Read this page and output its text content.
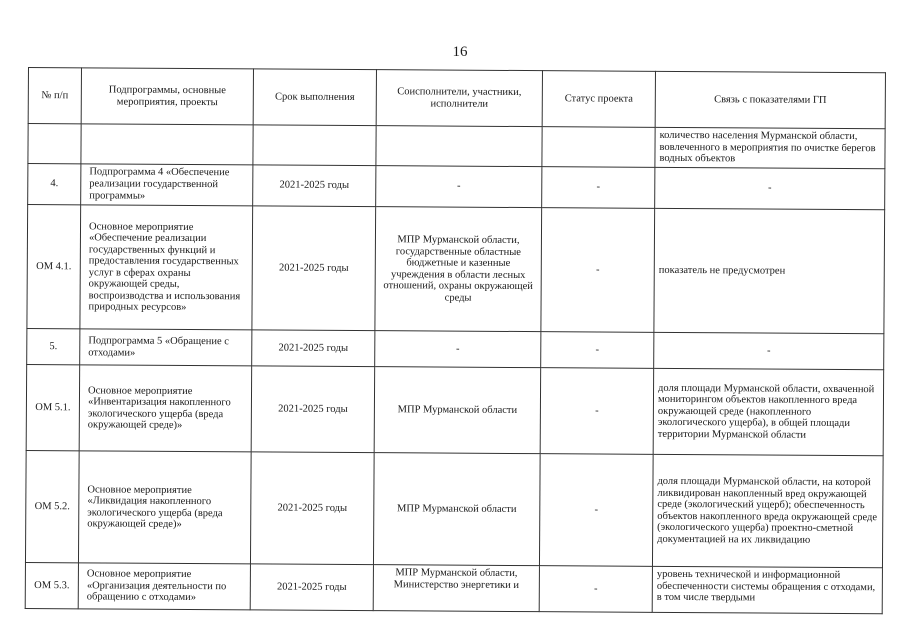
16
№ п/п	Подпрограммы, основные мероприятия, проекты	Срок выполнения	Соисполнители, участники, исполнители	Статус проекта	Связь с показателями ГП
					количество населения Мурманской области, вовлеченного в мероприятия по очистке берегов водных объектов
4.	Подпрограмма 4 «Обеспечение реализации государственной программы»	2021-2025 годы	-	-	-
ОМ 4.1.	Основное мероприятие «Обеспечение реализации государственных функций и предоставления государственных услуг в сферах охраны окружающей среды, воспроизводства и использования природных ресурсов»	2021-2025 годы	МПР Мурманской области, государственные областные бюджетные и казенные учреждения в области лесных отношений, охраны окружающей среды	-	показатель не предусмотрен
5.	Подпрограмма 5 «Обращение с отходами»	2021-2025 годы	-	-	-
ОМ 5.1.	Основное мероприятие «Инвентаризация накопленного экологического ущерба (вреда окружающей среде)»	2021-2025 годы	МПР Мурманской области	-	доля площади Мурманской области, охваченной мониторингом объектов накопленного вреда окружающей среде (накопленного экологического ущерба), в общей площади территории Мурманской области
ОМ 5.2.	Основное мероприятие «Ликвидация накопленного экологического ущерба (вреда окружающей среде)»	2021-2025 годы	МПР Мурманской области	-	доля площади Мурманской области, на которой ликвидирован накопленный вред окружающей среде (экологический ущерб); обеспеченность объектов накопленного вреда окружающей среде (экологического ущерба) проектно-сметной документацией на их ликвидацию
ОМ 5.3.	Основное мероприятие «Организация деятельности по обращению с отходами»	2021-2025 годы	МПР Мурманской области, Министерство энергетики и	-	уровень технической и информационной обеспеченности системы обращения с отходами, в том числе твердыми
